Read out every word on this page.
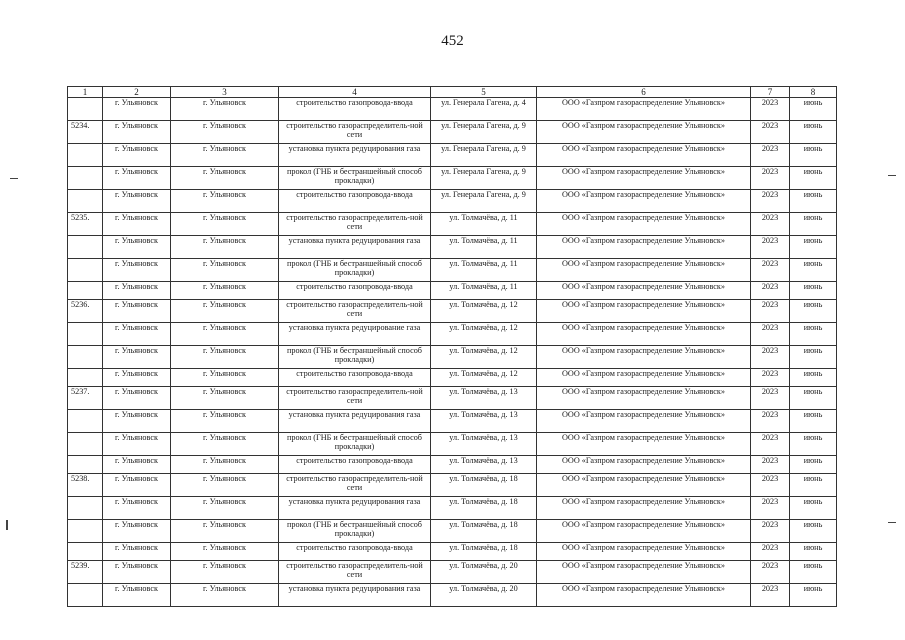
452
1	2	3	4	5	6	7	8
	г. Ульяновск	г. Ульяновск	строительство газопровода-ввода	ул. Генерала Гагена, д. 4	ООО «Газпром газораспределение Ульяновск»	2023	июнь
5234.	г. Ульяновск	г. Ульяновск	строительство газораспределитель-ной сети	ул. Генерала Гагена, д. 9	ООО «Газпром газораспределение Ульяновск»	2023	июнь
	г. Ульяновск	г. Ульяновск	установка пункта редуцирования газа	ул. Генерала Гагена, д. 9	ООО «Газпром газораспределение Ульяновск»	2023	июнь
	г. Ульяновск	г. Ульяновск	прокол (ГНБ и бестраншейный способ прокладки)	ул. Генерала Гагена, д. 9	ООО «Газпром газораспределение Ульяновск»	2023	июнь
	г. Ульяновск	г. Ульяновск	строительство газопровода-ввода	ул. Генерала Гагена, д. 9	ООО «Газпром газораспределение Ульяновск»	2023	июнь
5235.	г. Ульяновск	г. Ульяновск	строительство газораспределитель-ной сети	ул. Толмачёва, д. 11	ООО «Газпром газораспределение Ульяновск»	2023	июнь
	г. Ульяновск	г. Ульяновск	установка пункта редуцирования газа	ул. Толмачёва, д. 11	ООО «Газпром газораспределение Ульяновск»	2023	июнь
	г. Ульяновск	г. Ульяновск	прокол (ГНБ и бестраншейный способ прокладки)	ул. Толмачёва, д. 11	ООО «Газпром газораспределение Ульяновск»	2023	июнь
	г. Ульяновск	г. Ульяновск	строительство газопровода-ввода	ул. Толмачёва, д. 11	ООО «Газпром газораспределение Ульяновск»	2023	июнь
5236.	г. Ульяновск	г. Ульяновск	строительство газораспределитель-ной сети	ул. Толмачёва, д. 12	ООО «Газпром газораспределение Ульяновск»	2023	июнь
	г. Ульяновск	г. Ульяновск	установка пункта редуцирование газа	ул. Толмачёва, д. 12	ООО «Газпром газораспределение Ульяновск»	2023	июнь
	г. Ульяновск	г. Ульяновск	прокол (ГНБ и бестраншейный способ прокладки)	ул. Толмачёва, д. 12	ООО «Газпром газораспределение Ульяновск»	2023	июнь
	г. Ульяновск	г. Ульяновск	строительство газопровода-ввода	ул. Толмачёва, д. 12	ООО «Газпром газораспределение Ульяновск»	2023	июнь
5237.	г. Ульяновск	г. Ульяновск	строительство газораспределитель-ной сети	ул. Толмачёва, д. 13	ООО «Газпром газораспределение Ульяновск»	2023	июнь
	г. Ульяновск	г. Ульяновск	установка пункта редуцирования газа	ул. Толмачёва, д. 13	ООО «Газпром газораспределение Ульяновск»	2023	июнь
	г. Ульяновск	г. Ульяновск	прокол (ГНБ и бестраншейный способ прокладки)	ул. Толмачёва, д. 13	ООО «Газпром газораспределение Ульяновск»	2023	июнь
	г. Ульяновск	г. Ульяновск	строительство газопровода-ввода	ул. Толмачёва, д. 13	ООО «Газпром газораспределение Ульяновск»	2023	июнь
5238.	г. Ульяновск	г. Ульяновск	строительство газораспределитель-ной сети	ул. Толмачёва, д. 18	ООО «Газпром газораспределение Ульяновск»	2023	июнь
	г. Ульяновск	г. Ульяновск	установка пункта редуцирования газа	ул. Толмачёва, д. 18	ООО «Газпром газораспределение Ульяновск»	2023	июнь
	г. Ульяновск	г. Ульяновск	прокол (ГНБ и бестраншейный способ прокладки)	ул. Толмачёва, д. 18	ООО «Газпром газораспределение Ульяновск»	2023	июнь
	г. Ульяновск	г. Ульяновск	строительство газопровода-ввода	ул. Толмачёва, д. 18	ООО «Газпром газораспределение Ульяновск»	2023	июнь
5239.	г. Ульяновск	г. Ульяновск	строительство газораспределитель-ной сети	ул. Толмачёва, д. 20	ООО «Газпром газораспределение Ульяновск»	2023	июнь
	г. Ульяновск	г. Ульяновск	установка пункта редуцирования газа	ул. Толмачёва, д. 20	ООО «Газпром газораспределение Ульяновск»	2023	июнь
